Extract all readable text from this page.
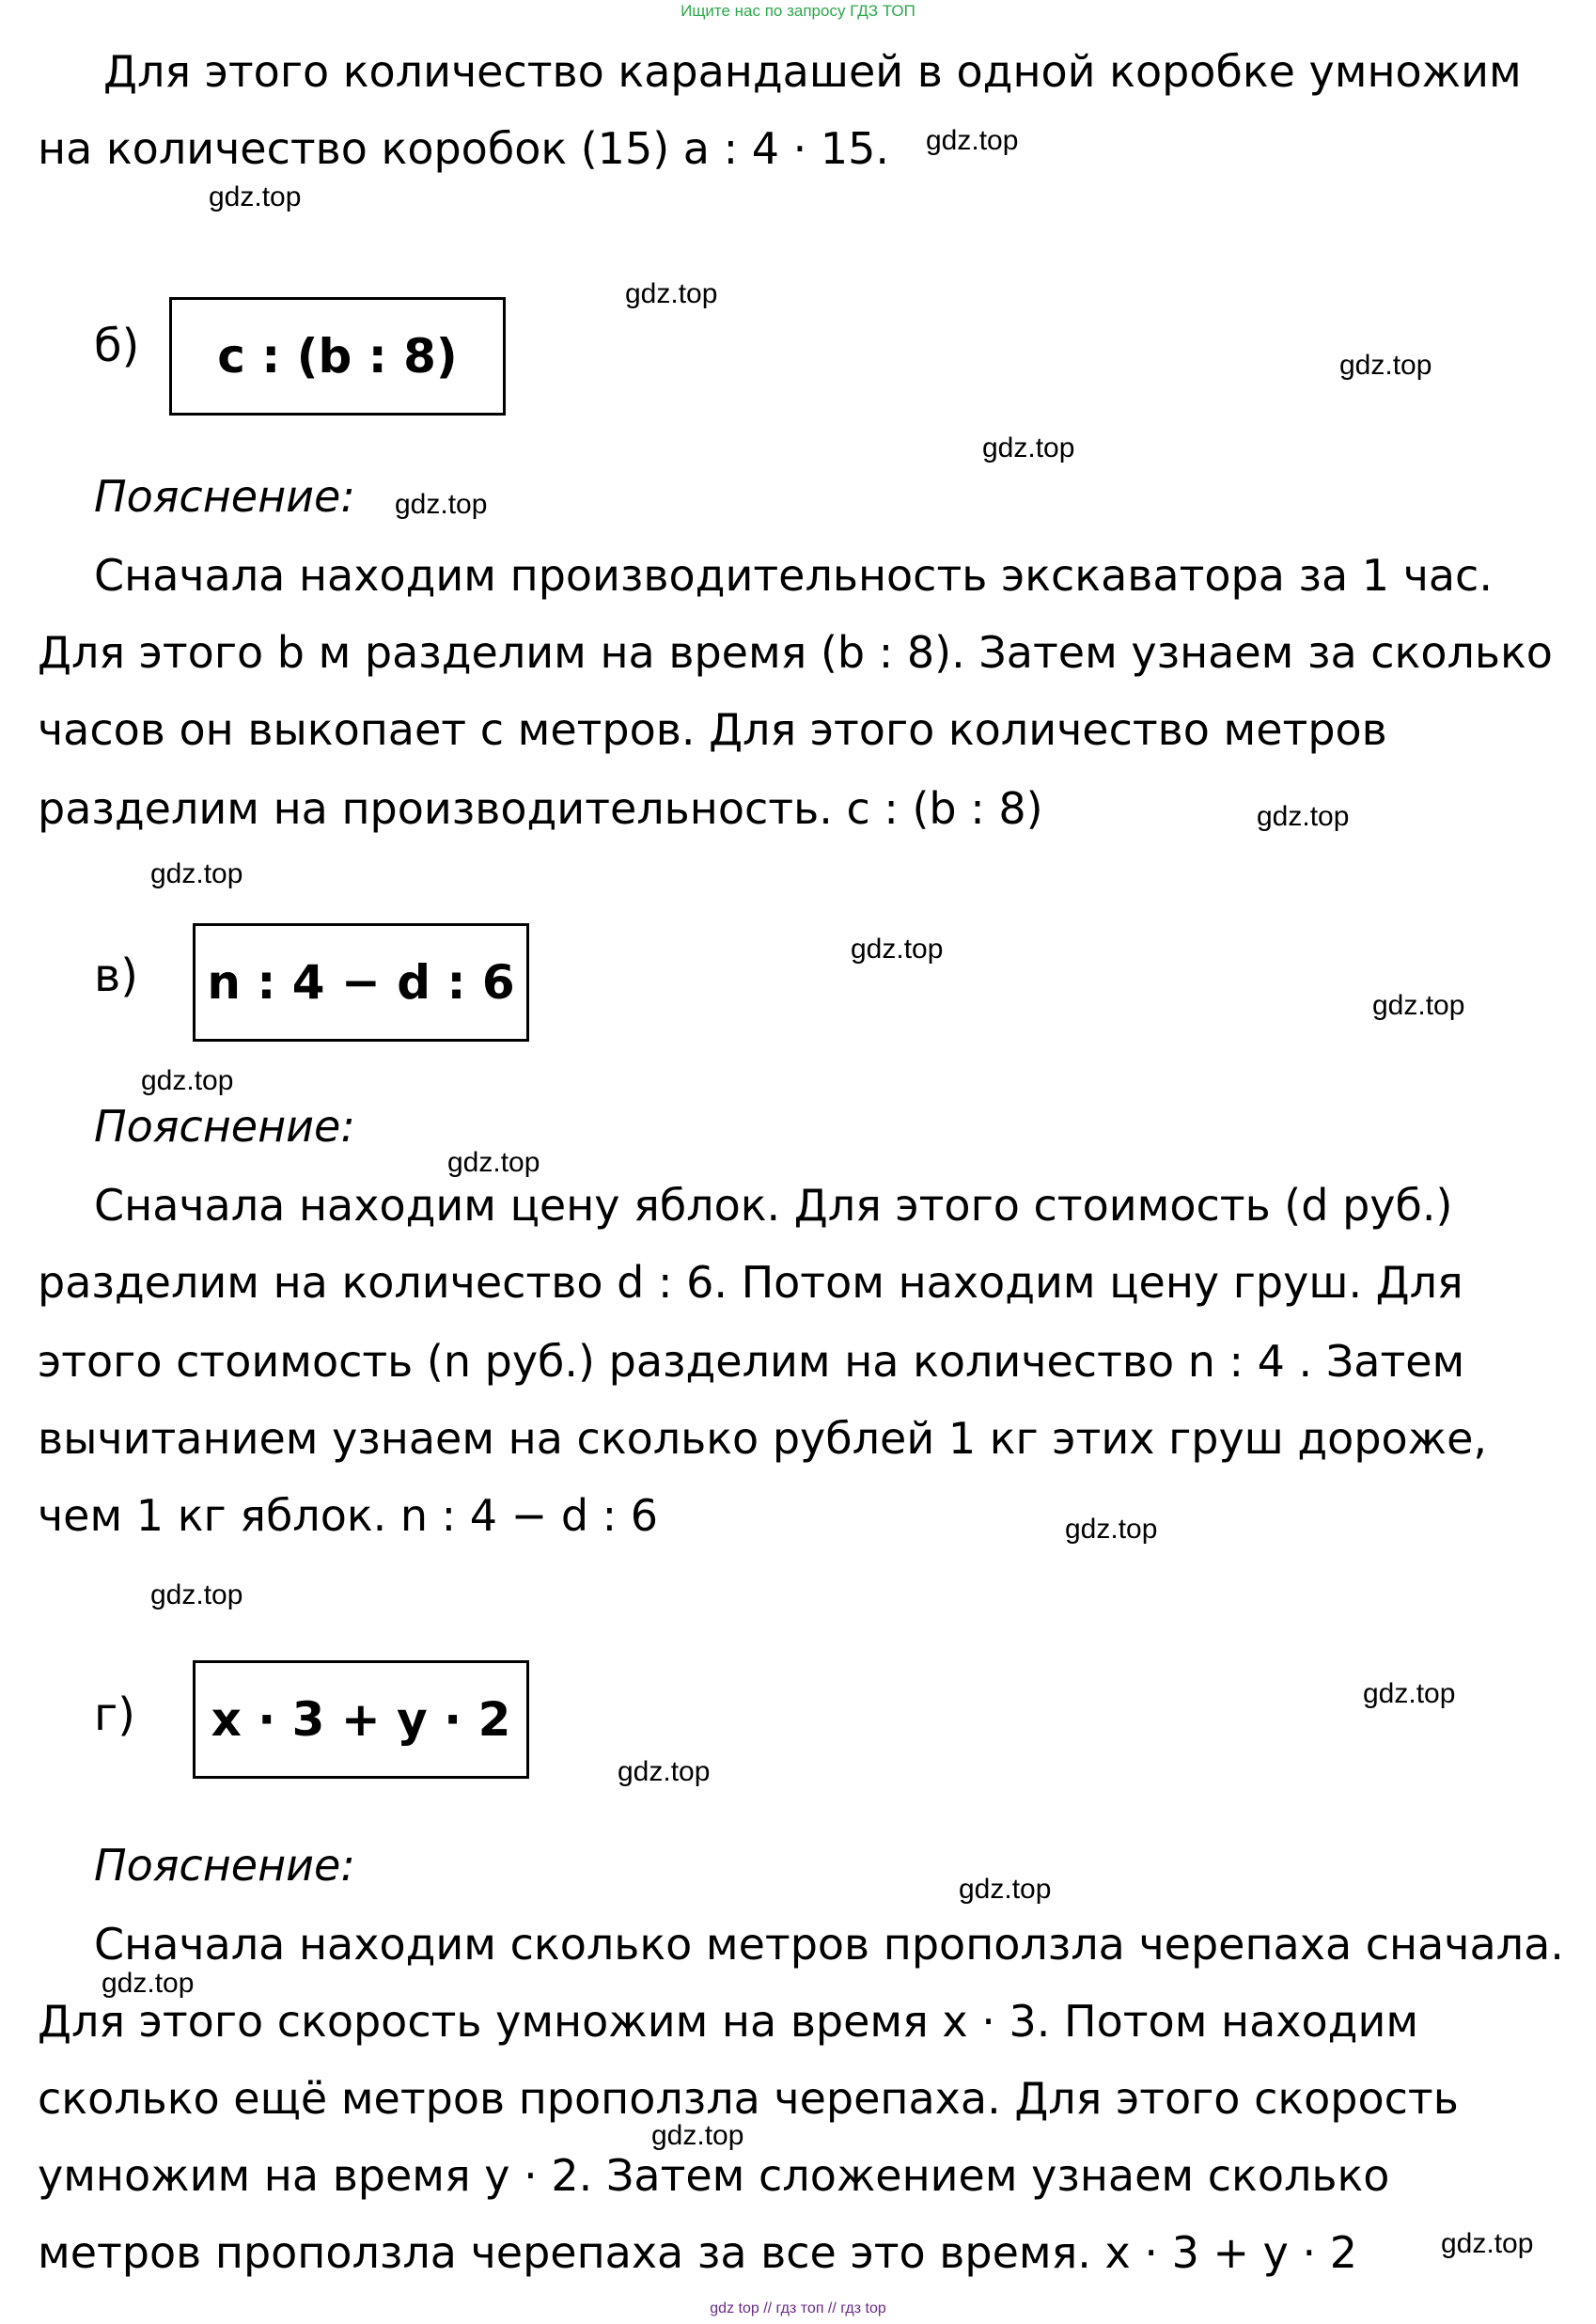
Ищите нас по запросу ГДЗ ТОП
Для этого количество карандашей в одной коробке умножим
на количество коробок (15) a : 4 · 15.
б)	c : (b : 8)
Пояснение:
Сначала находим производительность экскаватора за 1 час.
Для этого b м разделим на время (b : 8). Затем узнаем за сколько
часов он выкопает c метров. Для этого количество метров
разделим на производительность. c : (b : 8)
в)	n : 4 − d : 6
Пояснение:
Сначала находим цену яблок. Для этого стоимость (d руб.)
разделим на количество d : 6. Потом находим цену груш. Для
этого стоимость (n руб.) разделим на количество n : 4 . Затем
вычитанием узнаем на сколько рублей 1 кг этих груш дороже,
чем 1 кг яблок. n : 4 − d : 6
г)	x · 3 + y · 2
Пояснение:
Сначала находим сколько метров проползла черепаха сначала.
Для этого скорость умножим на время x · 3. Потом находим
сколько ещё метров проползла черепаха. Для этого скорость
умножим на время y · 2. Затем сложением узнаем сколько
метров проползла черепаха за все это время. x · 3 + y · 2
gdz.top
gdz.top
gdz.top
gdz.top
gdz.top
gdz.top
gdz.top
gdz.top
gdz.top
gdz.top
gdz.top
gdz.top
gdz.top
gdz.top
gdz.top
gdz.top
gdz.top
gdz.top
gdz.top
gdz.top
gdz top // гдз топ // гдз top
